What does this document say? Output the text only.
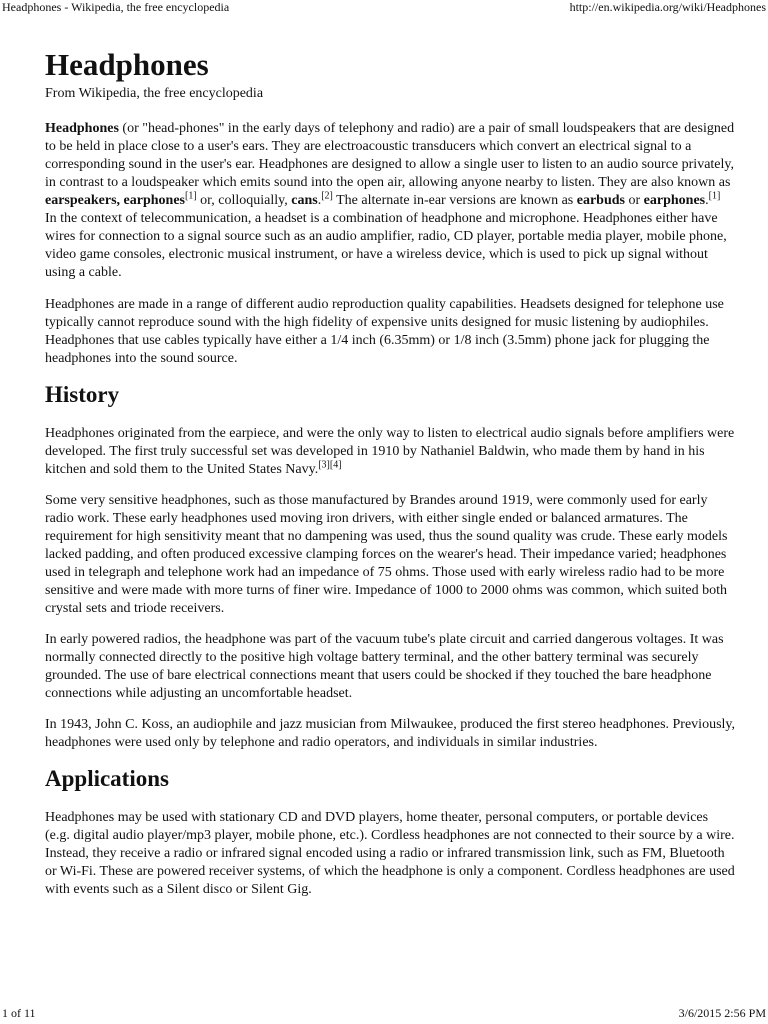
Headphones - Wikipedia, the free encyclopedia	http://en.wikipedia.org/wiki/Headphones
Headphones
From Wikipedia, the free encyclopedia

Headphones (or "head-phones" in the early days of telephony and radio) are a pair of small loudspeakers that are designed to be held in place close to a user's ears. They are electroacoustic transducers which convert an electrical signal to a corresponding sound in the user's ear. Headphones are designed to allow a single user to listen to an audio source privately, in contrast to a loudspeaker which emits sound into the open air, allowing anyone nearby to listen. They are also known as earspeakers, earphones[1] or, colloquially, cans.[2] The alternate in-ear versions are known as earbuds or earphones.[1] In the context of telecommunication, a headset is a combination of headphone and microphone. Headphones either have wires for connection to a signal source such as an audio amplifier, radio, CD player, portable media player, mobile phone, video game consoles, electronic musical instrument, or have a wireless device, which is used to pick up signal without using a cable.

Headphones are made in a range of different audio reproduction quality capabilities. Headsets designed for telephone use typically cannot reproduce sound with the high fidelity of expensive units designed for music listening by audiophiles. Headphones that use cables typically have either a 1/4 inch (6.35mm) or 1/8 inch (3.5mm) phone jack for plugging the headphones into the sound source.

History

Headphones originated from the earpiece, and were the only way to listen to electrical audio signals before amplifiers were developed. The first truly successful set was developed in 1910 by Nathaniel Baldwin, who made them by hand in his kitchen and sold them to the United States Navy.[3][4]

Some very sensitive headphones, such as those manufactured by Brandes around 1919, were commonly used for early radio work. These early headphones used moving iron drivers, with either single ended or balanced armatures. The requirement for high sensitivity meant that no dampening was used, thus the sound quality was crude. These early models lacked padding, and often produced excessive clamping forces on the wearer's head. Their impedance varied; headphones used in telegraph and telephone work had an impedance of 75 ohms. Those used with early wireless radio had to be more sensitive and were made with more turns of finer wire. Impedance of 1000 to 2000 ohms was common, which suited both crystal sets and triode receivers.

In early powered radios, the headphone was part of the vacuum tube's plate circuit and carried dangerous voltages. It was normally connected directly to the positive high voltage battery terminal, and the other battery terminal was securely grounded. The use of bare electrical connections meant that users could be shocked if they touched the bare headphone connections while adjusting an uncomfortable headset.

In 1943, John C. Koss, an audiophile and jazz musician from Milwaukee, produced the first stereo headphones. Previously, headphones were used only by telephone and radio operators, and individuals in similar industries.

Applications

Headphones may be used with stationary CD and DVD players, home theater, personal computers, or portable devices (e.g. digital audio player/mp3 player, mobile phone, etc.). Cordless headphones are not connected to their source by a wire. Instead, they receive a radio or infrared signal encoded using a radio or infrared transmission link, such as FM, Bluetooth or Wi-Fi. These are powered receiver systems, of which the headphone is only a component. Cordless headphones are used with events such as a Silent disco or Silent Gig.

1 of 11	3/6/2015 2:56 PM
